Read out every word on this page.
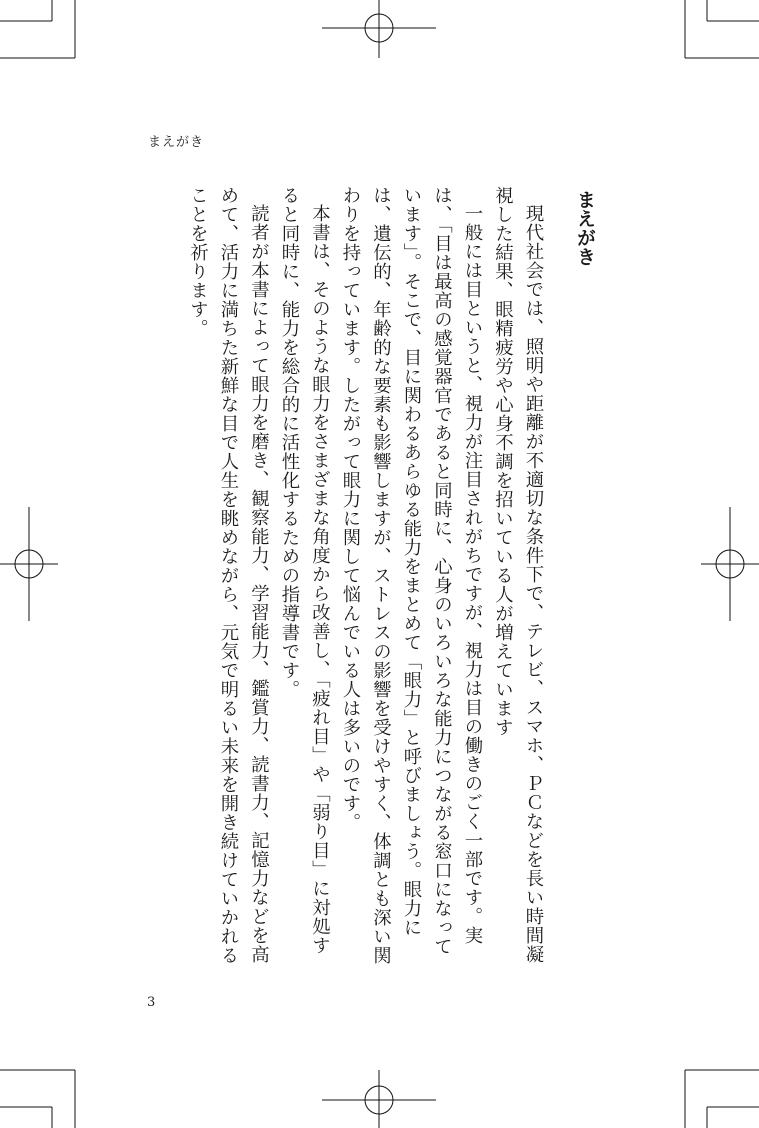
まえがき
まえがき

現代社会では、照明や距離が不適切な条件下で、テレビ、スマホ、ＰＣなどを長い時間凝視した結果、眼精疲労や心身不調を招いている人が増えています

一般には目というと、視力が注目されがちですが、視力は目の働きのごく一部です。実は、「目は最高の感覚器官であると同時に、心身のいろいろな能力につながる窓口になっています」。そこで、目に関わるあらゆる能力をまとめて「眼力」と呼びましょう。眼力には、遺伝的、年齢的な要素も影響しますが、ストレスの影響を受けやすく、体調とも深い関わりを持っています。したがって眼力に関して悩んでいる人は多いのです。

本書は、そのような眼力をさまざまな角度から改善し、「疲れ目」や「弱り目」に対処すると同時に、能力を総合的に活性化するための指導書です。

読者が本書によって眼力を磨き、観察能力、学習能力、鑑賞力、読書力、記憶力などを高めて、活力に満ちた新鮮な目で人生を眺めながら、元気で明るい未来を開き続けていかれることを祈ります。

3
